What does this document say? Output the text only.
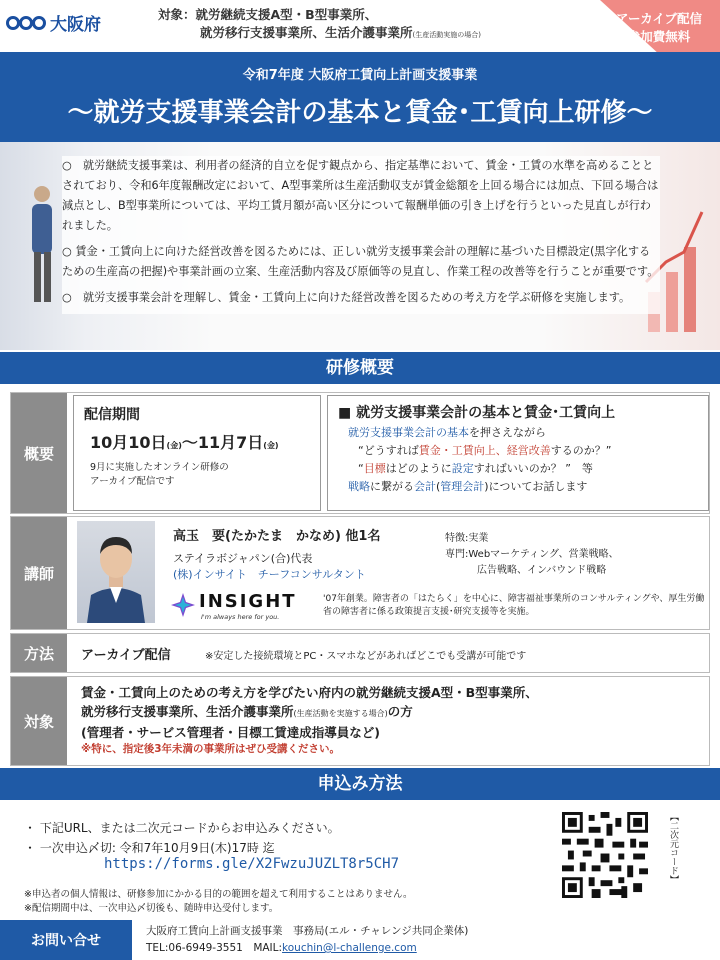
大阪府
対象：就労継続支援A型・B型事業所、
就労移行支援事業所、生活介護事業所(生産活動実施の場合)
アーカイブ配信
参加費無料
令和7年度 大阪府工賃向上計画支援事業
〜就労支援事業会計の基本と賃金･工賃向上研修〜

○　就労継続支援事業は、利用者の経済的自立を促す観点から、指定基準において、賃金・工賃の水準を高めることとされており、令和6年度報酬改定において、A型事業所は生産活動収支が賃金総額を上回る場合には加点、下回る場合は減点とし、B型事業所については、平均工賃月額が高い区分について報酬単価の引き上げを行うといった見直しが行われました。

○ 賃金・工賃向上に向けた経営改善を図るためには、正しい就労支援事業会計の理解に基づいた目標設定(黒字化するための生産高の把握)や事業計画の立案、生産活動内容及び原価等の見直し、作業工程の改善等を行うことが重要です。

○　就労支援事業会計を理解し、賃金・工賃向上に向けた経営改善を図るための考え方を学ぶ研修を実施します。

研修概要
概要
配信期間
10月10日(金)〜11月7日(金)
9月に実施したオンライン研修の
アーカイブ配信です
■ 就労支援事業会計の基本と賃金･工賃向上
就労支援事業会計の基本を押さえながら
“どうすれば賃金・工賃向上、経営改善するのか？”
“目標はどのように設定すればいいのか？ ”　等
戦略に繋がる会計(管理会計)についてお話します
講師
高玉　要(たかたま　かなめ) 他1名
ステイラボジャパン(合)代表
(株)インサイト　チーフコンサルタント
INSIGHT
I'm always here for you.
特徴:実業
専門:Webマーケティング、営業戦略、
広告戦略、インバウンド戦略
'07年創業。障害者の「はたらく」を中心に、障害福祉事業所のコンサルティングや、厚生労働省の障害者に係る政策提言支援･研究支援等を実施。
方法	アーカイブ配信	※安定した接続環境とPC・スマホなどがあればどこでも受講が可能です
対象
賃金・工賃向上のための考え方を学びたい府内の就労継続支援A型・B型事業所、
就労移行支援事業所、生活介護事業所(生産活動を実施する場合)の方
(管理者・サービス管理者・目標工賃達成指導員など)
※特に、指定後3年未満の事業所はぜひ受講ください。
申込み方法
・ 下記URL、または二次元コードからお申込みください。
・ 一次申込〆切: 令和7年10月9日(木)17時 迄
https://forms.gle/X2FwzuJUZLT8r5CH7
※申込者の個人情報は、研修参加にかかる目的の範囲を超えて利用することはありません。
※配信期間中は、一次申込〆切後も、随時申込受付します。
【二次元コード】
お問い合せ
大阪府工賃向上計画支援事業　事務局(エル・チャレンジ共同企業体)
TEL:06-6949-3551　MAIL:kouchin@l-challenge.com
